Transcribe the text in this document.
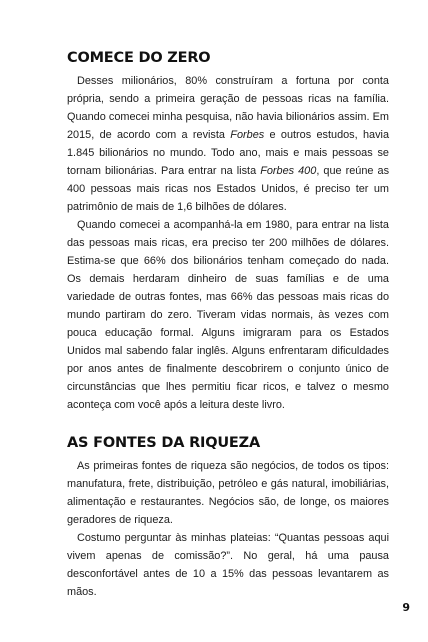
COMECE DO ZERO

Desses milionários, 80% construíram a fortuna por conta própria, sendo a primeira geração de pessoas ricas na família. Quando comecei minha pesquisa, não havia bilionários assim. Em 2015, de acordo com a revista Forbes e outros estudos, havia 1.845 bilionários no mundo. Todo ano, mais e mais pessoas se tornam bilionárias. Para entrar na lista Forbes 400, que reúne as 400 pessoas mais ricas nos Estados Unidos, é preciso ter um patrimônio de mais de 1,6 bilhões de dólares.

Quando comecei a acompanhá-la em 1980, para entrar na lista das pessoas mais ricas, era preciso ter 200 milhões de dólares. Estima-se que 66% dos bilionários tenham começado do nada. Os demais herdaram dinheiro de suas famílias e de uma variedade de outras fontes, mas 66% das pessoas mais ricas do mundo partiram do zero. Tiveram vidas normais, às vezes com pouca educação formal. Alguns imigraram para os Estados Unidos mal sabendo falar inglês. Alguns enfrentaram dificuldades por anos antes de finalmente descobrirem o conjunto único de circunstâncias que lhes permitiu ficar ricos, e talvez o mesmo aconteça com você após a leitura deste livro.

AS FONTES DA RIQUEZA

As primeiras fontes de riqueza são negócios, de todos os tipos: manufatura, frete, distribuição, petróleo e gás natural, imobiliárias, alimentação e restaurantes. Negócios são, de longe, os maiores geradores de riqueza.

Costumo perguntar às minhas plateias: “Quantas pessoas aqui vivem apenas de comissão?”. No geral, há uma pausa desconfortável antes de 10 a 15% das pessoas levantarem as mãos.

9
